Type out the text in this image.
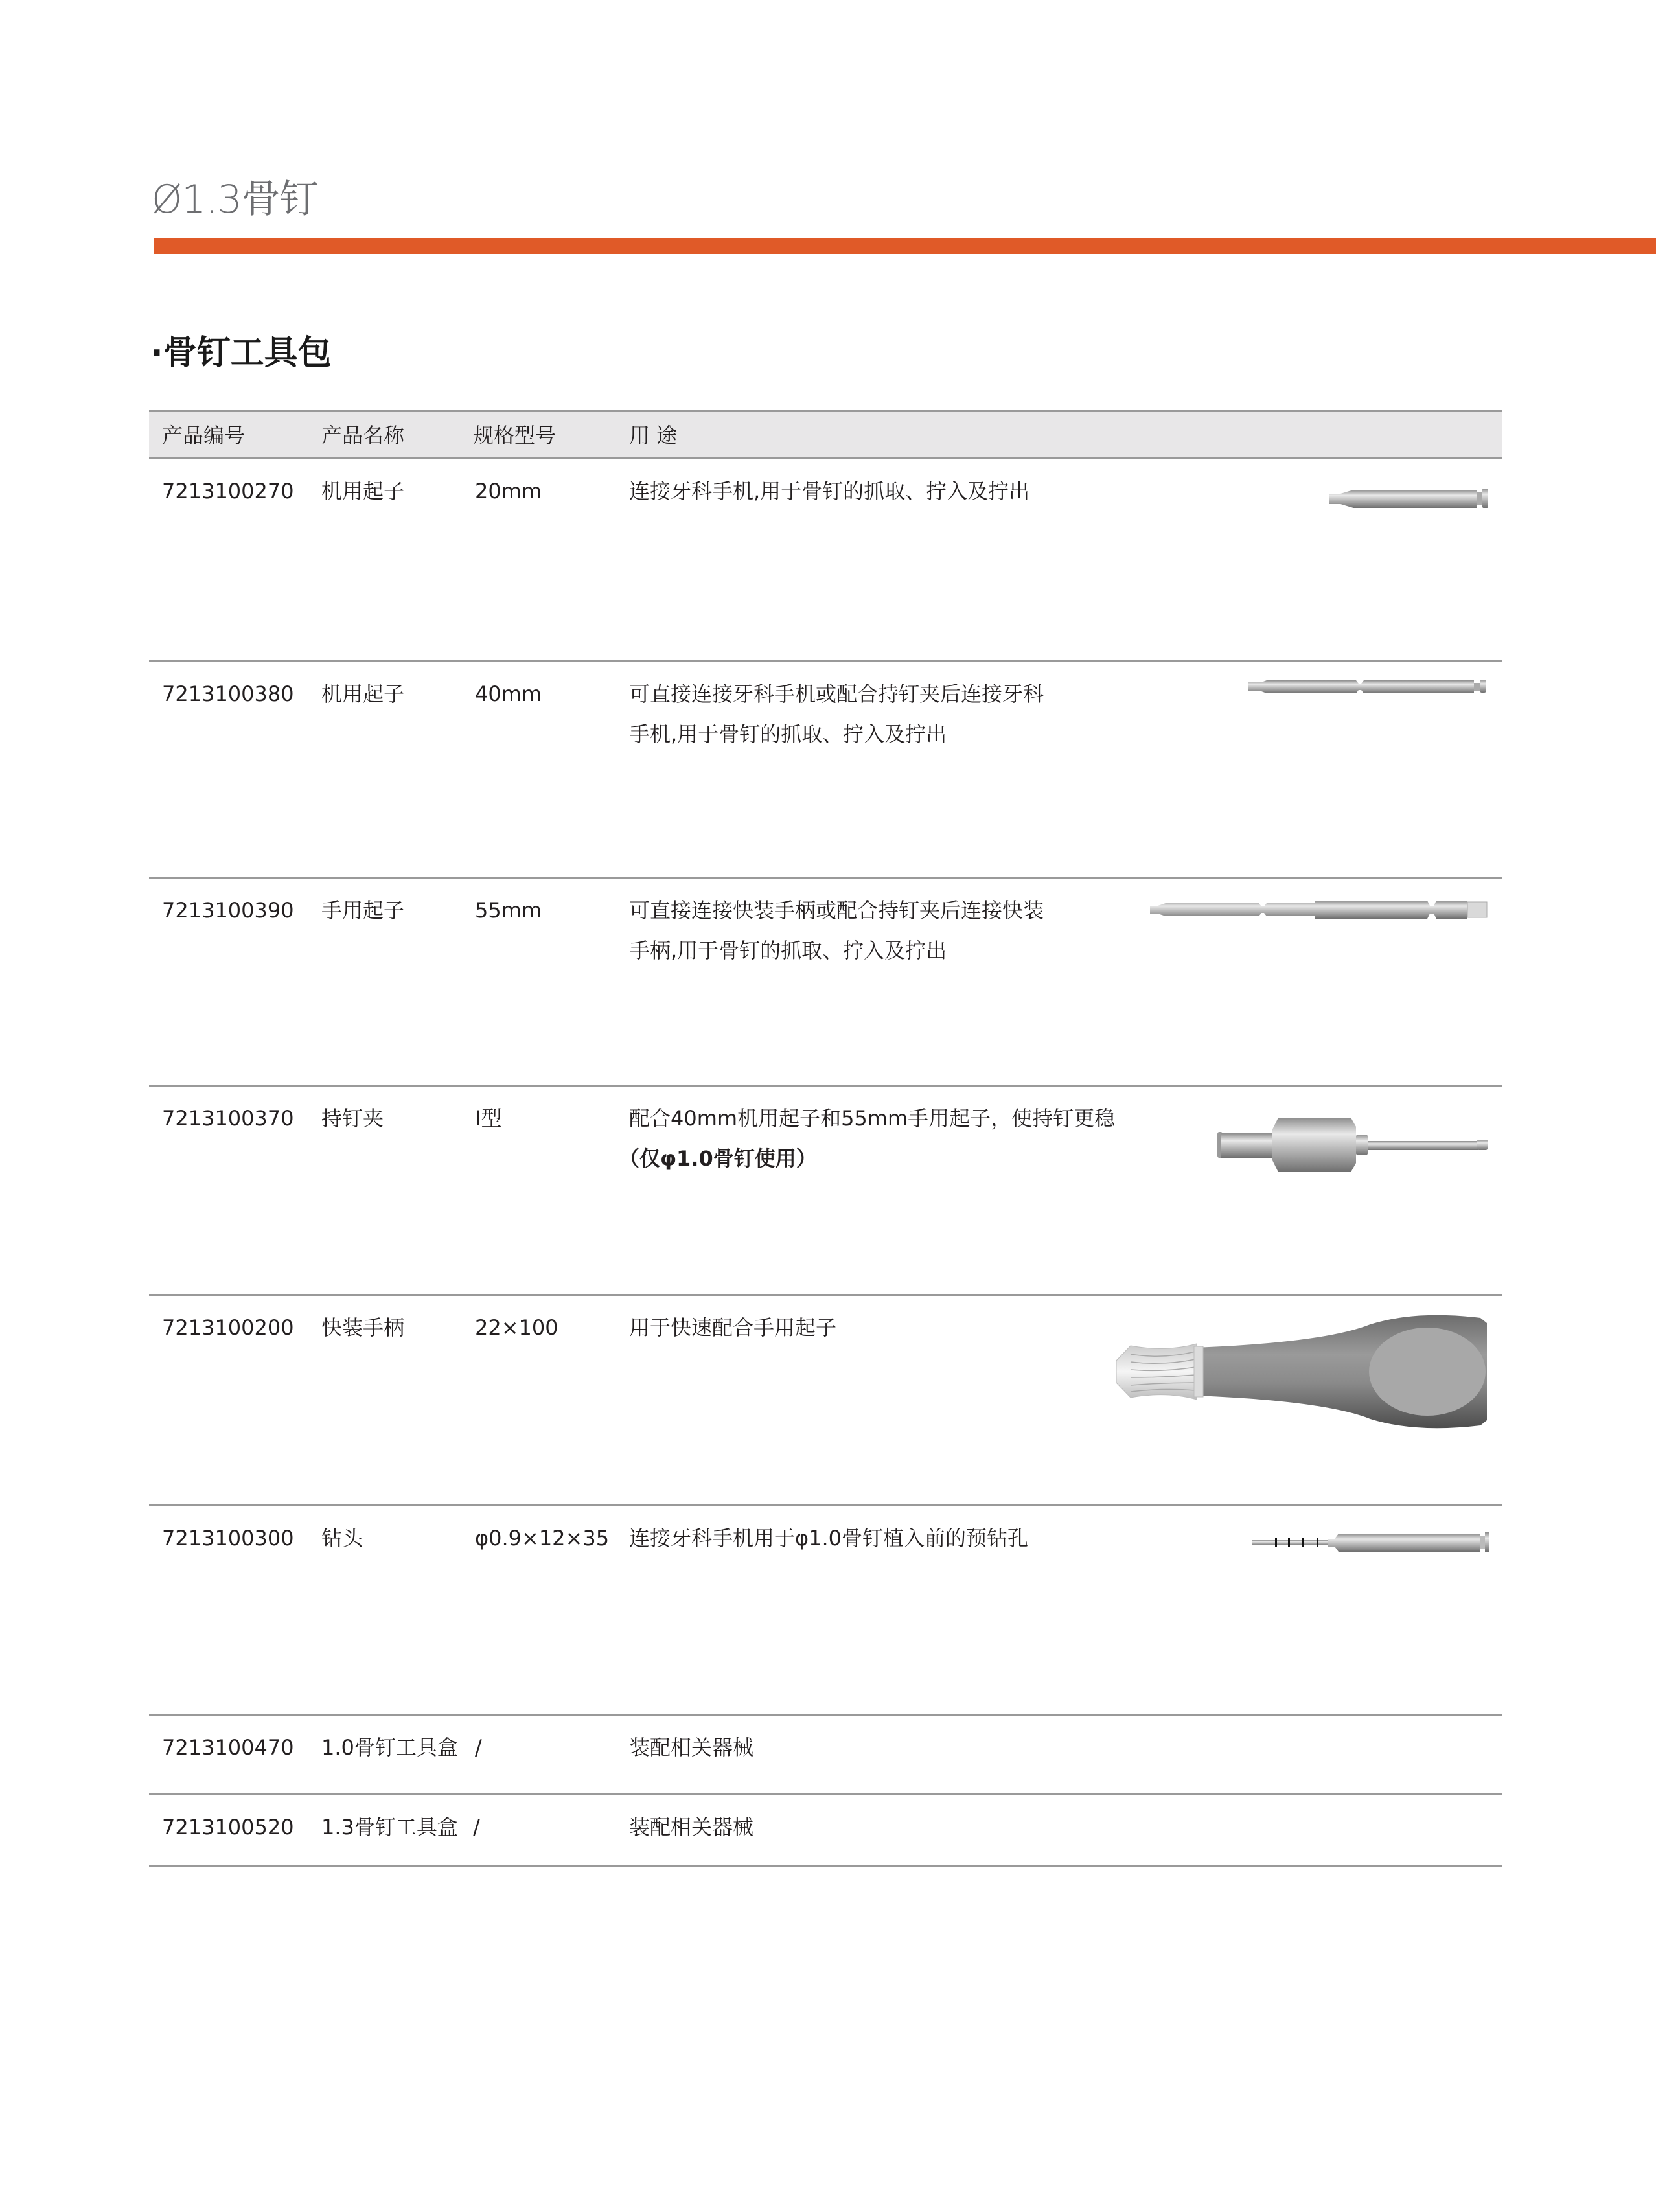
Ø1.3骨钉
·骨钉工具包
产品编号	产品名称	规格型号	用 途
7213100270 机用起子	20mm	连接牙科手机,用于骨钉的抓取、拧入及拧出
7213100380 机用起子	40mm	可直接连接牙科手机或配合持钉夹后连接牙科
手机,用于骨钉的抓取、拧入及拧出
7213100390 手用起子	55mm	可直接连接快装手柄或配合持钉夹后连接快装
手柄,用于骨钉的抓取、拧入及拧出
7213100370 持钉夹	Ⅰ型	配合40mm机用起子和55mm手用起子，使持钉更稳
（仅φ1.0骨钉使用）
7213100200 快装手柄	22×100	用于快速配合手用起子
7213100300 钻头	φ0.9×12×35 连接牙科手机用于φ1.0骨钉植入前的预钻孔
7213100470 1.0骨钉工具盒 /	装配相关器械
7213100520 1.3骨钉工具盒 /	装配相关器械
